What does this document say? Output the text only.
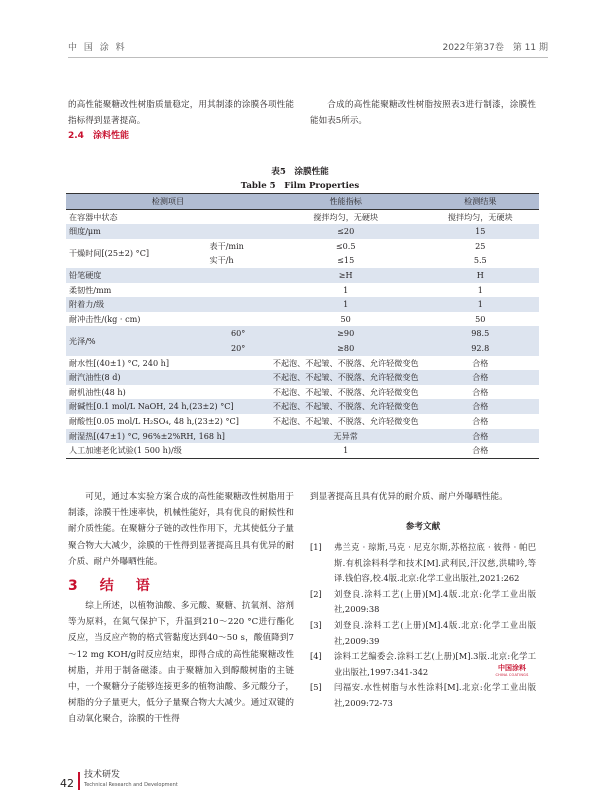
中 国 涂 料	2022年第37卷　第 11 期

的高性能聚糖改性树脂质量稳定，用其制漆的涂膜各项性能指标得到显著提高。

合成的高性能聚糖改性树脂按照表3进行制漆，涂膜性能如表5所示。

2.4　涂料性能
表5　涂膜性能
Table 5　Film Properties
检测项目		性能指标	检测结果
在容器中状态		搅拌均匀，无硬块	搅拌均匀，无硬块
细度/μm		≤20	15
干燥时间[(25±2) °C]	表干/min	≤0.5	25
	实干/h	≤15	5.5
铅笔硬度		≥H	H
柔韧性/mm		1	1
附着力/级		1	1
耐冲击性/(kg · cm)		50	50
光泽/%	60°	≥90	98.5
	20°	≥80	92.8
耐水性[(40±1) °C, 240 h]		不起泡、不起皱、不脱落、允许轻微变色	合格
耐汽油性(8 d)		不起泡、不起皱、不脱落、允许轻微变色	合格
耐机油性(48 h)		不起泡、不起皱、不脱落、允许轻微变色	合格
耐碱性[0.1 mol/L NaOH, 24 h,(23±2) °C]		不起泡、不起皱、不脱落、允许轻微变色	合格
耐酸性[0.05 mol/L H₂SO₄, 48 h,(23±2) °C]		不起泡、不起皱、不脱落、允许轻微变色	合格
耐湿热[(47±1) °C, 96%±2%RH, 168 h]		无异常	合格
人工加速老化试验(1 500 h)/级		1	合格

可见，通过本实验方案合成的高性能聚糖改性树脂用于制漆，涂膜干性速率快，机械性能好，具有优良的耐候性和耐介质性能。在聚糖分子链的改性作用下，尤其使低分子量聚合物大大减少，涂膜的干性得到显著提高且具有优异的耐介质、耐户外曝晒性能。

3　结　语

综上所述，以植物油酸、多元酸、聚糖、抗氧剂、溶剂等为原料，在氮气保护下，升温到210～220 °C进行酯化反应，当反应产物的格式管黏度达到40～50 s，酸值降到7～12 mg KOH/g时反应结束，即得合成的高性能聚糖改性树脂，并用于制备磁漆。由于聚糖加入到醇酸树脂的主链中，一个聚糖分子能够连接更多的植物油酸、多元酸分子，树脂的分子量更大，低分子量聚合物大大减少。通过双键的自动氧化聚合，涂膜的干性得

到显著提高且具有优异的耐介质、耐户外曝晒性能。

参考文献
[1]	弗兰克 · 琼斯,马克 · 尼克尔斯,苏格拉底 · 彼得 · 帕巴斯.有机涂料科学和技术[M].武利民,汗汉慈,洪啸吟,等译.钱伯容,校.4版.北京:化学工业出版社,2021:262
[2]	刘登良.涂料工艺(上册)[M].4版.北京:化学工业出版社,2009:38
[3]	刘登良.涂料工艺(上册)[M].4版.北京:化学工业出版社,2009:39
[4]	涂料工艺编委会.涂料工艺(上册)[M].3版.北京:化学工业出版社,1997:341-342
[5]	闫福安.水性树脂与水性涂料[M].北京:化学工业出版社,2009:72-73
中国涂料
CHINA COATINGS
42
技术研发
Technical Research and Development
